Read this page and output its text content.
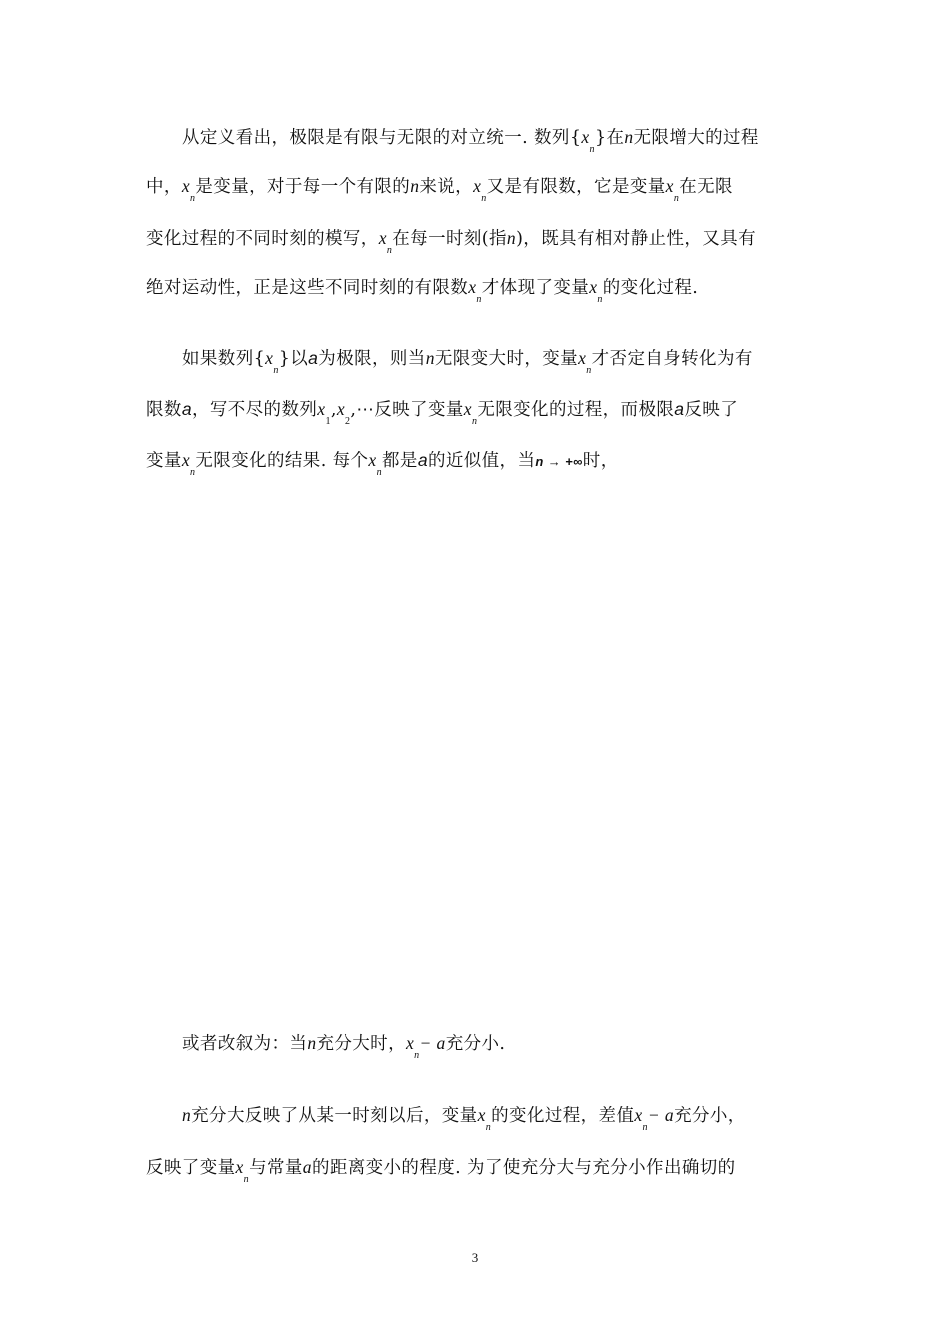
从定义看出，极限是有限与无限的对立统一. 数列$\{x_n\}$在n无限增大的过程
中，$x_n$是变量，对于每一个有限的n来说，$x_n$又是有限数，它是变量$x_n$在无限
变化过程的不同时刻的模写，$x_n$在每一时刻(指n)，既具有相对静止性，又具有
绝对运动性，正是这些不同时刻的有限数$x_n$才体现了变量$x_n$的变化过程.
如果数列$\{x_n\}$以a为极限，则当n无限变大时，变量$x_n$才否定自身转化为有
限数a，写不尽的数列$x_1,x_2,\cdots$反映了变量$x_n$无限变化的过程，而极限a反映了
变量$x_n$无限变化的结果. 每个$x_n$都是a的近似值，当n → +∞时，
或者改叙为：当n充分大时，$x_n- a$充分小.
n充分大反映了从某一时刻以后，变量$x_n$的变化过程，差值$x_n- a$充分小，
反映了变量$x_n$与常量a的距离变小的程度. 为了使充分大与充分小作出确切的
3
